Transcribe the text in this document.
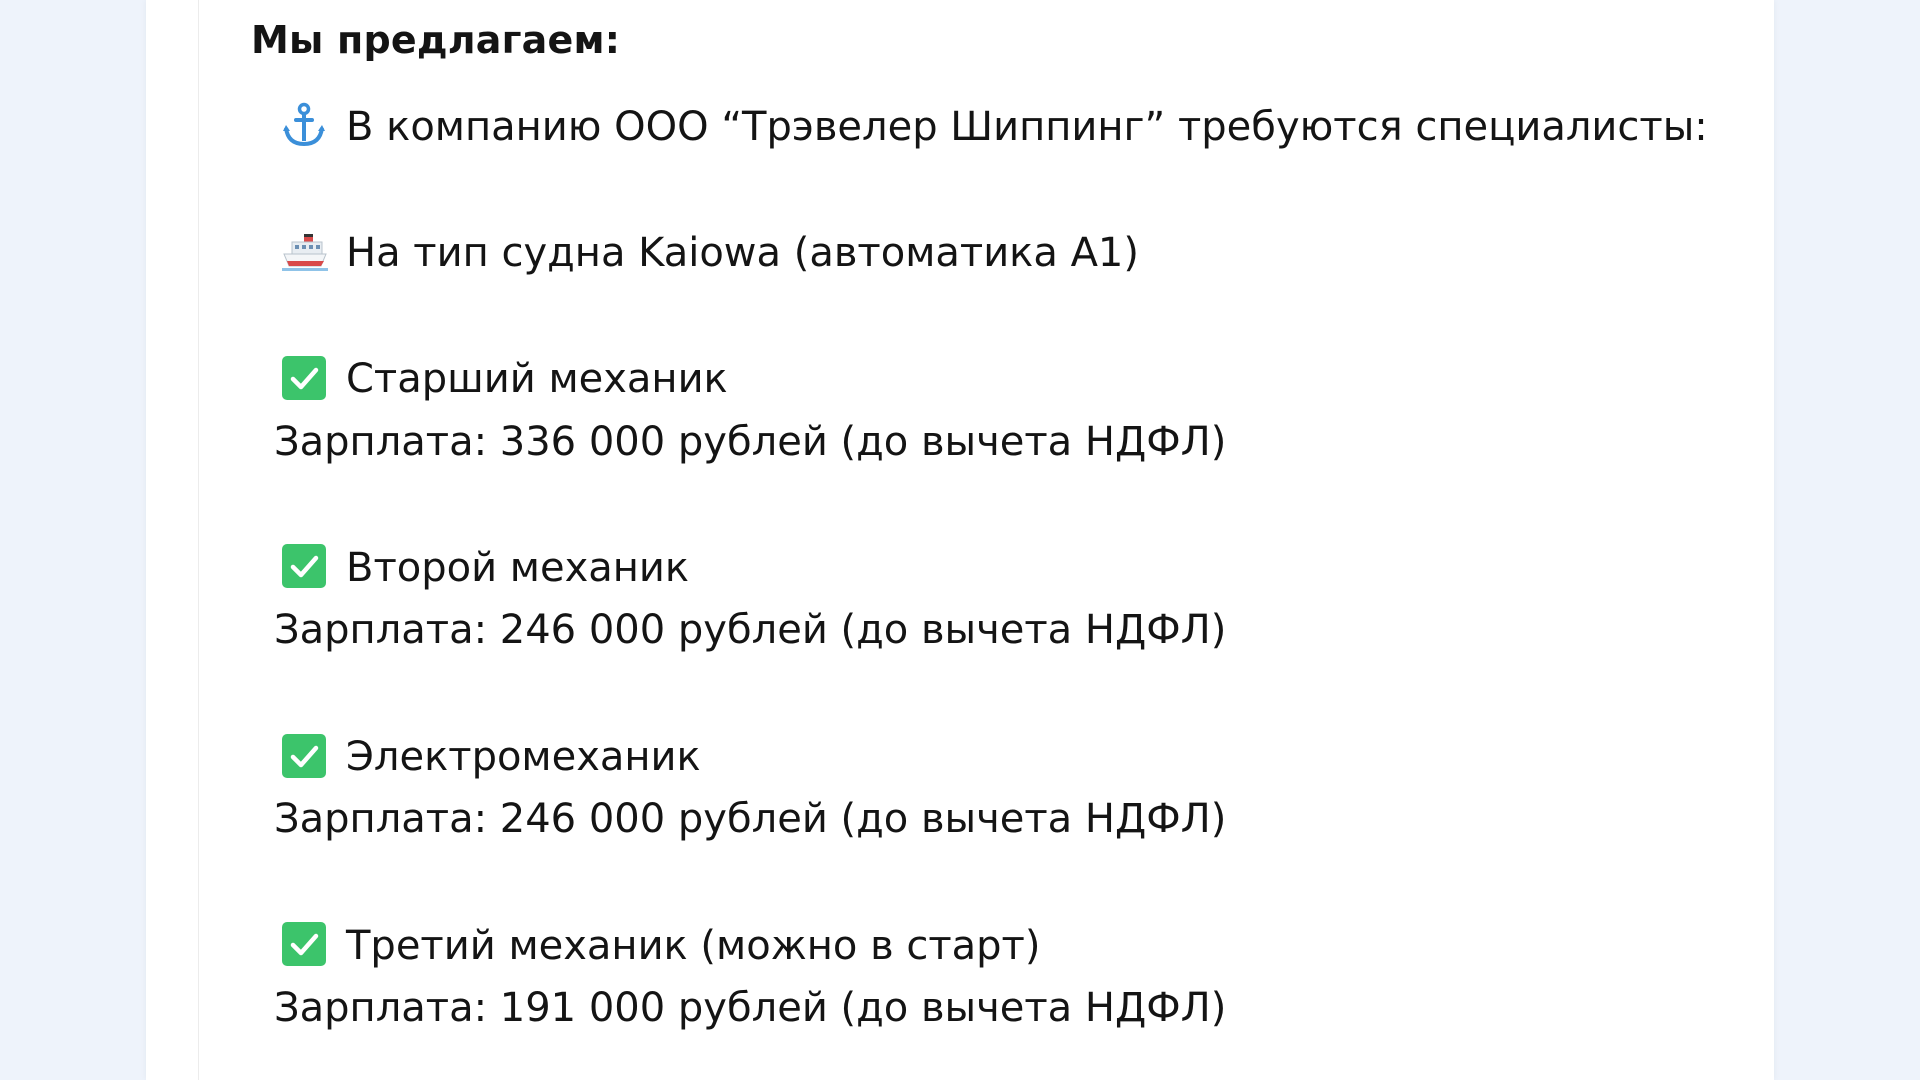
Мы предлагаем:
В компанию ООО “Трэвелер Шиппинг” требуются специалисты:
На тип судна Kaiowa (автоматика А1)
Старший механик
Зарплата: 336 000 рублей (до вычета НДФЛ)
Второй механик
Зарплата: 246 000 рублей (до вычета НДФЛ)
Электромеханик
Зарплата: 246 000 рублей (до вычета НДФЛ)
Третий механик (можно в старт)
Зарплата: 191 000 рублей (до вычета НДФЛ)
